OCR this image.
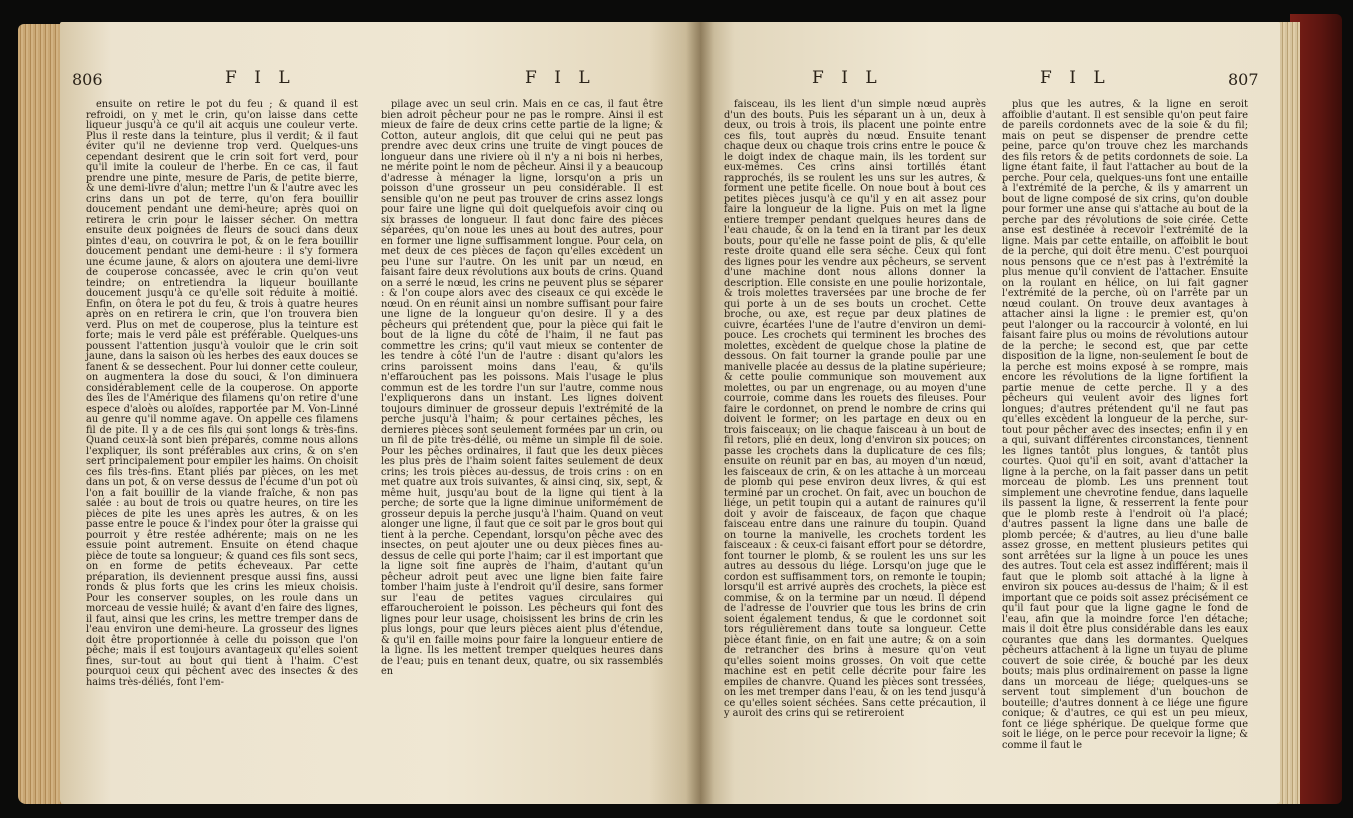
806	F I L	F I L

ensuite on retire le pot du feu ; & quand il est refroidi, on y met le crin, qu'on laisse dans cette liqueur jusqu'à ce qu'il ait acquis une couleur verte. Plus il reste dans la teinture, plus il verdit; & il faut éviter qu'il ne devienne trop verd. Quelques-uns cependant desirent que le crin soit fort verd, pour qu'il imite la couleur de l'herbe. En ce cas, il faut prendre une pinte, mesure de Paris, de petite bierre, & une demi-livre d'alun; mettre l'un & l'autre avec les crins dans un pot de terre, qu'on fera bouillir doucement pendant une demi-heure; après quoi on retirera le crin pour le laisser sécher. On mettra ensuite deux poignées de fleurs de souci dans deux pintes d'eau, on couvrira le pot, & on le fera bouillir doucement pendant une demi-heure : il s'y formera une écume jaune, & alors on ajoutera une demi-livre de couperose concassée, avec le crin qu'on veut teindre; on entretiendra la liqueur bouillante doucement jusqu'à ce qu'elle soit réduite à moitié. Enfin, on ôtera le pot du feu, & trois à quatre heures après on en retirera le crin, que l'on trouvera bien verd. Plus on met de couperose, plus la teinture est forte; mais le verd pâle est préférable. Quelques-uns poussent l'attention jusqu'à vouloir que le crin soit jaune, dans la saison où les herbes des eaux douces se fanent & se dessechent. Pour lui donner cette couleur, on augmentera la dose du souci, & l'on diminuera considérablement celle de la couperose. On apporte des îles de l'Amérique des filamens qu'on retire d'une espece d'aloès ou aloïdes, rapportée par M. Von-Linné au genre qu'il nomme agave. On appelle ces filamens fil de pite. Il y a de ces fils qui sont longs & très-fins. Quand ceux-là sont bien préparés, comme nous allons l'expliquer, ils sont préférables aux crins, & on s'en sert principalement pour empiler les haims. On choisit ces fils très-fins. Etant pliés par pièces, on les met dans un pot, & on verse dessus de l'écume d'un pot où l'on a fait bouillir de la viande fraîche, & non pas salée : au bout de trois ou quatre heures, on tire les pièces de pite les unes après les autres, & on les passe entre le pouce & l'index pour ôter la graisse qui pourroit y être restée adhérente; mais on ne les essuie point autrement. Ensuite on étend chaque pièce de toute sa longueur; & quand ces fils sont secs, on en forme de petits écheveaux. Par cette préparation, ils deviennent presque aussi fins, aussi ronds & plus forts que les crins les mieux choisis. Pour les conserver souples, on les roule dans un morceau de vessie huilé; & avant d'en faire des lignes, il faut, ainsi que les crins, les mettre tremper dans de l'eau environ une demi-heure. La grosseur des lignes doit être proportionnée à celle du poisson que l'on pêche; mais il est toujours avantageux qu'elles soient fines, sur-tout au bout qui tient à l'haim. C'est pourquoi ceux qui pêchent avec des insectes & des haims très-déliés, font l'em-

pilage avec un seul crin. Mais en ce cas, il faut être bien adroit pêcheur pour ne pas le rompre. Ainsi il est mieux de faire de deux crins cette partie de la ligne; & Cotton, auteur anglois, dit que celui qui ne peut pas prendre avec deux crins une truite de vingt pouces de longueur dans une riviere où il n'y a ni bois ni herbes, ne mérite point le nom de pêcheur. Ainsi il y a beaucoup d'adresse à ménager la ligne, lorsqu'on a pris un poisson d'une grosseur un peu considérable. Il est sensible qu'on ne peut pas trouver de crins assez longs pour faire une ligne qui doit quelquefois avoir cinq ou six brasses de longueur. Il faut donc faire des pièces séparées, qu'on noue les unes au bout des autres, pour en former une ligne suffisamment longue. Pour cela, on met deux de ces pièces de façon qu'elles excèdent un peu l'une sur l'autre. On les unit par un nœud, en faisant faire deux révolutions aux bouts de crins. Quand on a serré le nœud, les crins ne peuvent plus se séparer : & l'on coupe alors avec des ciseaux ce qui excède le nœud. On en réunit ainsi un nombre suffisant pour faire une ligne de la longueur qu'on desire. Il y a des pêcheurs qui prétendent que, pour la pièce qui fait le bout de la ligne du côté de l'haim, il ne faut pas commettre les crins; qu'il vaut mieux se contenter de les tendre à côté l'un de l'autre : disant qu'alors les crins paroissent moins dans l'eau, & qu'ils n'effarouchent pas les poissons. Mais l'usage le plus commun est de les tordre l'un sur l'autre, comme nous l'expliquerons dans un instant. Les lignes doivent toujours diminuer de grosseur depuis l'extrémité de la perche jusqu'à l'haim; & pour certaines pêches, les dernieres pièces sont seulement formées par un crin, ou un fil de pite très-délié, ou même un simple fil de soie. Pour les pêches ordinaires, il faut que les deux pièces les plus près de l'haim soient faites seulement de deux crins; les trois pièces au-dessus, de trois crins : on en met quatre aux trois suivantes, & ainsi cinq, six, sept, & même huit, jusqu'au bout de la ligne qui tient à la perche; de sorte que la ligne diminue uniformément de grosseur depuis la perche jusqu'à l'haim. Quand on veut alonger une ligne, il faut que ce soit par le gros bout qui tient à la perche. Cependant, lorsqu'on pêche avec des insectes, on peut ajouter une ou deux pièces fines au-dessus de celle qui porte l'haim; car il est important que la ligne soit fine auprès de l'haim, d'autant qu'un pêcheur adroit peut avec une ligne bien faite faire tomber l'haim juste à l'endroit qu'il desire, sans former sur l'eau de petites vagues circulaires qui effaroucheroient le poisson. Les pêcheurs qui font des lignes pour leur usage, choisissent les brins de crin les plus longs, pour que leurs pièces aient plus d'étendue, & qu'il en faille moins pour faire la longueur entiere de la ligne. Ils les mettent tremper quelques heures dans de l'eau; puis en tenant deux, quatre, ou six rassemblés en

F I L	F I L	807

faisceau, ils les lient d'un simple nœud auprès d'un des bouts. Puis les séparant un à un, deux à deux, ou trois à trois, ils placent une pointe entre ces fils, tout auprès du nœud. Ensuite tenant chaque deux ou chaque trois crins entre le pouce & le doigt index de chaque main, ils les tordent sur eux-mêmes. Ces crins ainsi tortillés étant rapprochés, ils se roulent les uns sur les autres, & forment une petite ficelle. On noue bout à bout ces petites pièces jusqu'à ce qu'il y en ait assez pour faire la longueur de la ligne. Puis on met la ligne entiere tremper pendant quelques heures dans de l'eau chaude, & on la tend en la tirant par les deux bouts, pour qu'elle ne fasse point de plis, & qu'elle reste droite quand elle sera séche. Ceux qui font des lignes pour les vendre aux pêcheurs, se servent d'une machine dont nous allons donner la description. Elle consiste en une poulie horizontale, & trois molettes traversées par une broche de fer qui porte à un de ses bouts un crochet. Cette broche, ou axe, est reçue par deux platines de cuivre, écartées l'une de l'autre d'environ un demi-pouce. Les crochets qui terminent les broches des molettes, excèdent de quelque chose la platine de dessous. On fait tourner la grande poulie par une manivelle placée au dessus de la platine supérieure; & cette poulie communique son mouvement aux molettes, ou par un engrenage, ou au moyen d'une courroie, comme dans les rouets des fileuses. Pour faire le cordonnet, on prend le nombre de crins qui doivent le former; on les partage en deux ou en trois faisceaux; on lie chaque faisceau à un bout de fil retors, plié en deux, long d'environ six pouces; on passe les crochets dans la duplicature de ces fils; ensuite on réunit par en bas, au moyen d'un nœud, les faisceaux de crin, & on les attache à un morceau de plomb qui pese environ deux livres, & qui est terminé par un crochet. On fait, avec un bouchon de liége, un petit toupin qui a autant de rainures qu'il doit y avoir de faisceaux, de façon que chaque faisceau entre dans une rainure du toupin. Quand on tourne la manivelle, les crochets tordent les faisceaux : & ceux-ci faisant effort pour se détordre, font tourner le plomb, & se roulent les uns sur les autres au dessous du liége. Lorsqu'on juge que le cordon est suffisamment tors, on remonte le toupin; lorsqu'il est arrivé auprès des crochets, la pièce est commise, & on la termine par un nœud. Il dépend de l'adresse de l'ouvrier que tous les brins de crin soient également tendus, & que le cordonnet soit tors régulièrement dans toute sa longueur. Cette pièce étant finie, on en fait une autre; & on a soin de retrancher des brins à mesure qu'on veut qu'elles soient moins grosses. On voit que cette machine est en petit celle décrite pour faire les empiles de chanvre. Quand les pièces sont tressées, on les met tremper dans l'eau, & on les tend jusqu'à ce qu'elles soient séchées. Sans cette précaution, il y auroit des crins qui se retireroient

plus que les autres, & la ligne en seroit affoiblie d'autant. Il est sensible qu'on peut faire de pareils cordonnets avec de la soie & du fil; mais on peut se dispenser de prendre cette peine, parce qu'on trouve chez les marchands des fils retors & de petits cordonnets de soie. La ligne étant faite, il faut l'attacher au bout de la perche. Pour cela, quelques-uns font une entaille à l'extrémité de la perche, & ils y amarrent un bout de ligne composé de six crins, qu'on double pour former une anse qui s'attache au bout de la perche par des révolutions de soie cirée. Cette anse est destinée à recevoir l'extrémité de la ligne. Mais par cette entaille, on affoiblit le bout de la perche, qui doit être menu. C'est pourquoi nous pensons que ce n'est pas à l'extrémité la plus menue qu'il convient de l'attacher. Ensuite on la roulant en hélice, on lui fait gagner l'extrémité de la perche, où on l'arrête par un nœud coulant. On trouve deux avantages à attacher ainsi la ligne : le premier est, qu'on peut l'alonger ou la raccourcir à volonté, en lui faisant faire plus ou moins de révolutions autour de la perche; le second est, que par cette disposition de la ligne, non-seulement le bout de la perche est moins exposé à se rompre, mais encore les révolutions de la ligne fortifient la partie menue de cette perche. Il y a des pêcheurs qui veulent avoir des lignes fort longues; d'autres prétendent qu'il ne faut pas qu'elles excèdent la longueur de la perche, sur-tout pour pêcher avec des insectes; enfin il y en a qui, suivant différentes circonstances, tiennent les lignes tantôt plus longues, & tantôt plus courtes. Quoi qu'il en soit, avant d'attacher la ligne à la perche, on la fait passer dans un petit morceau de plomb. Les uns prennent tout simplement une chevrotine fendue, dans laquelle ils passent la ligne, & resserrent la fente pour que le plomb reste à l'endroit où l'a placé; d'autres passent la ligne dans une balle de plomb percée; & d'autres, au lieu d'une balle assez grosse, en mettent plusieurs petites qui sont arrêtées sur la ligne à un pouce les unes des autres. Tout cela est assez indifférent; mais il faut que le plomb soit attaché à la ligne à environ six pouces au-dessus de l'haim; & il est important que ce poids soit assez précisément ce qu'il faut pour que la ligne gagne le fond de l'eau, afin que la moindre force l'en détache; mais il doit être plus considérable dans les eaux courantes que dans les dormantes. Quelques pêcheurs attachent à la ligne un tuyau de plume couvert de soie cirée, & bouché par les deux bouts; mais plus ordinairement on passe la ligne dans un morceau de liége; quelques-uns se servent tout simplement d'un bouchon de bouteille; d'autres donnent à ce liége une figure conique; & d'autres, ce qui est un peu mieux, font ce liége sphérique. De quelque forme que soit le liége, on le perce pour recevoir la ligne; & comme il faut le
